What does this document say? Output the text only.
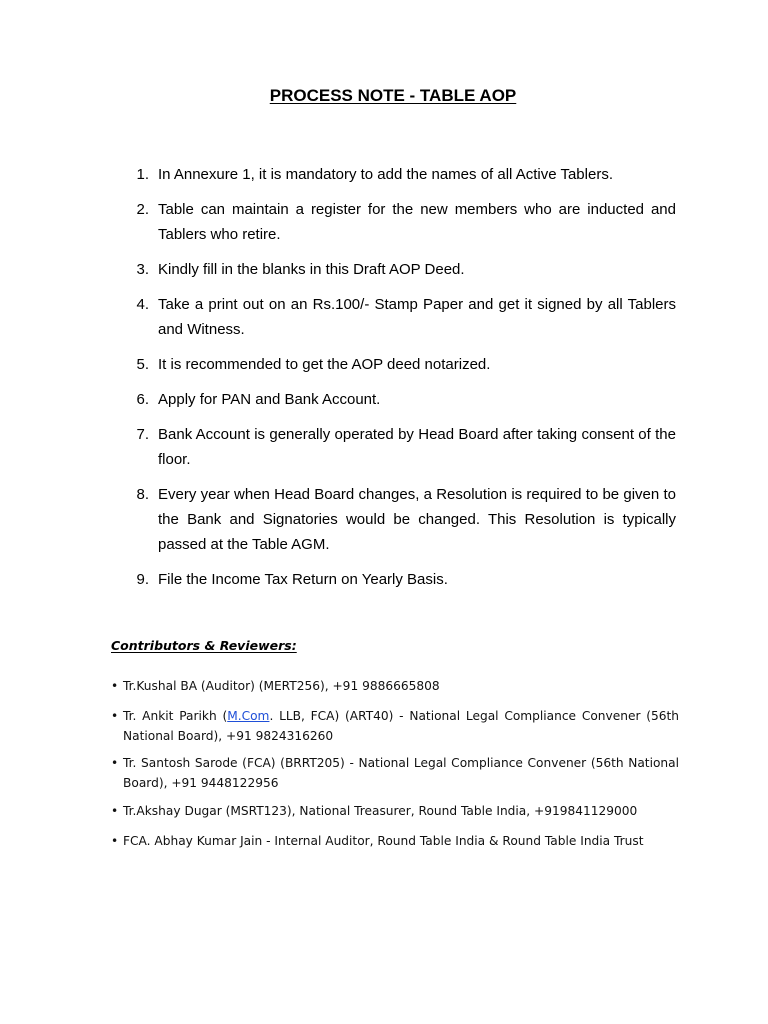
PROCESS NOTE - TABLE AOP
1. In Annexure 1, it is mandatory to add the names of all Active Tablers.
2. Table can maintain a register for the new members who are inducted and Tablers who retire.
3. Kindly fill in the blanks in this Draft AOP Deed.
4. Take a print out on an Rs.100/- Stamp Paper and get it signed by all Tablers and Witness.
5. It is recommended to get the AOP deed notarized.
6. Apply for PAN and Bank Account.
7. Bank Account is generally operated by Head Board after taking consent of the floor.
8. Every year when Head Board changes, a Resolution is required to be given to the Bank and Signatories would be changed. This Resolution is typically passed at the Table AGM.
9. File the Income Tax Return on Yearly Basis.
Contributors & Reviewers:
• Tr.Kushal BA (Auditor) (MERT256), +91 9886665808
• Tr. Ankit Parikh (M.Com. LLB, FCA) (ART40) - National Legal Compliance Convener (56th National Board), +91 9824316260
• Tr. Santosh Sarode (FCA) (BRRT205) - National Legal Compliance Convener (56th National Board), +91 9448122956
• Tr.Akshay Dugar (MSRT123), National Treasurer, Round Table India, +919841129000
• FCA. Abhay Kumar Jain - Internal Auditor, Round Table India & Round Table India Trust
